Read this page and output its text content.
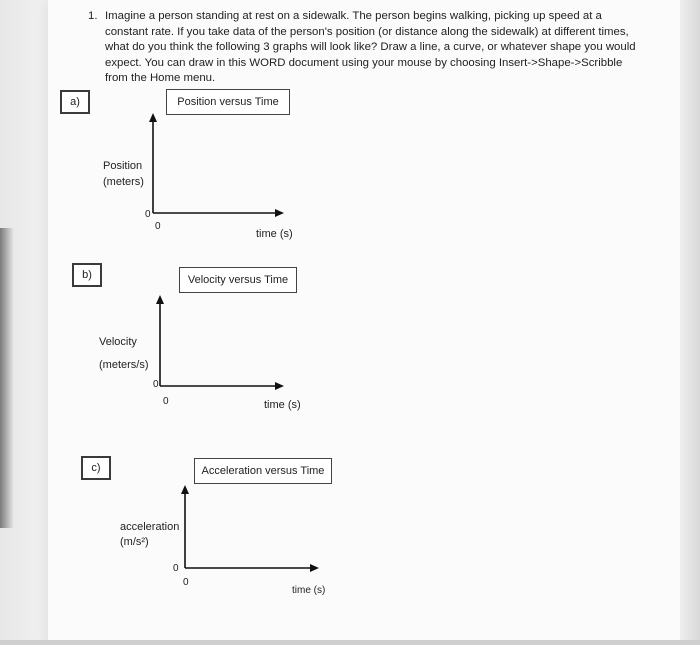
1. Imagine a person standing at rest on a sidewalk. The person begins walking, picking up speed at a constant rate. If you take data of the person's position (or distance along the sidewalk) at different times, what do you think the following 3 graphs will look like? Draw a line, a curve, or whatever shape you would expect. You can draw in this WORD document using your mouse by choosing Insert->Shape->Scribble from the Home menu.
a)	Position versus Time
Position
(meters)
0
0
time (s)
b)	Velocity versus Time
Velocity
(meters/s)
0
0	time (s)
c)	Acceleration versus Time
acceleration
(m/s²)
0
0
time (s)
